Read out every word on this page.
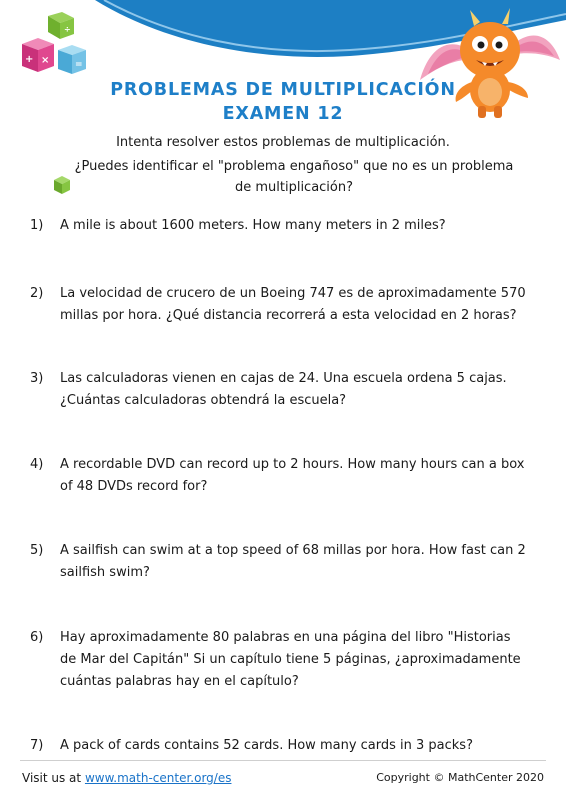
÷
+ ×	=
PROBLEMAS DE MULTIPLICACIÓN
EXAMEN 12
Intenta resolver estos problemas de multiplicación.
¿Puedes identificar el "problema engañoso" que no es un problema de multiplicación?
1)	A mile is about 1600 meters. How many meters in 2 miles?
2)	La velocidad de crucero de un Boeing 747 es de aproximadamente 570 millas por hora. ¿Qué distancia recorrerá a esta velocidad en 2 horas?
3)	Las calculadoras vienen en cajas de 24. Una escuela ordena 5 cajas. ¿Cuántas calculadoras obtendrá la escuela?
4)	A recordable DVD can record up to 2 hours. How many hours can a box of 48 DVDs record for?
5)	A sailfish can swim at a top speed of 68 millas por hora. How fast can 2 sailfish swim?
6)	Hay aproximadamente 80 palabras en una página del libro "Historias de Mar del Capitán" Si un capítulo tiene 5 páginas, ¿aproximadamente cuántas palabras hay en el capítulo?
7)	A pack of cards contains 52 cards. How many cards in 3 packs?
Visit us at www.math-center.org/es	Copyright © MathCenter 2020
